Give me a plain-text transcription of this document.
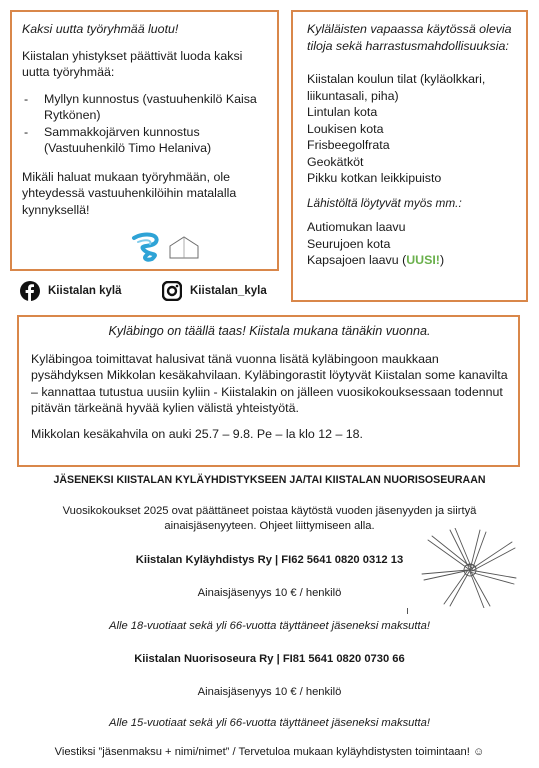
Kaksi uutta työryhmää luotu!
Kiistalan yhistykset päättivät luoda kaksi uutta työryhmää:
- Myllyn kunnostus (vastuuhenkilö Kaisa Rytkönen)
- Sammakkojärven kunnostus (Vastuuhenkilö Timo Helaniva)
Mikäli haluat mukaan työryhmään, ole yhteydessä vastuuhenkilöihin matalalla kynnyksellä!
Kyläläisten vapaassa käytössä olevia tiloja sekä harrastusmahdollisuuksia:
Kiistalan koulun tilat (kyläolkkari, liikuntasali, piha)
Lintulan kota
Loukisen kota
Frisbeegolfrata
Geokätköt
Pikku kotkan leikkipuisto
Lähistöltä löytyvät myös mm.:
Autiomukan laavu
Seurujoen kota
Kapsajoen laavu (UUSI!)
Kiistalan kylä	Kiistalan_kyla
Kyläbingo on täällä taas! Kiistala mukana tänäkin vuonna.
Kyläbingoa toimittavat halusivat tänä vuonna lisätä kyläbingoon maukkaan pysähdyksen Mikkolan kesäkahvilaan. Kyläbingorastit löytyvät Kiistalan some kanavilta – kannattaa tutustua uusiin kyliin - Kiistalakin on jälleen vuosikokouksessaan todennut pitävän tärkeänä hyvää kylien välistä yhteistyötä.
Mikkolan kesäkahvila on auki 25.7 – 9.8. Pe – la klo 12 – 18.
JÄSENEKSI KIISTALAN KYLÄYHDISTYKSEEN JA/TAI KIISTALAN NUORISOSEURAAN
Vuosikokoukset 2025 ovat päättäneet poistaa käytöstä vuoden jäsenyyden ja siirtyä ainaisjäsenyyteen. Ohjeet liittymiseen alla.
Kiistalan Kyläyhdistys Ry | FI62 5641 0820 0312 13
Ainaisjäsenyys 10 € / henkilö
Alle 18-vuotiaat sekä yli 66-vuotta täyttäneet jäseneksi maksutta!
Kiistalan Nuorisoseura Ry | FI81 5641 0820 0730 66
Ainaisjäsenyys 10 € / henkilö
Alle 15-vuotiaat sekä yli 66-vuotta täyttäneet jäseneksi maksutta!
Viestiksi ”jäsenmaksu + nimi/nimet” / Tervetuloa mukaan kyläyhdistysten toimintaan! ☺
